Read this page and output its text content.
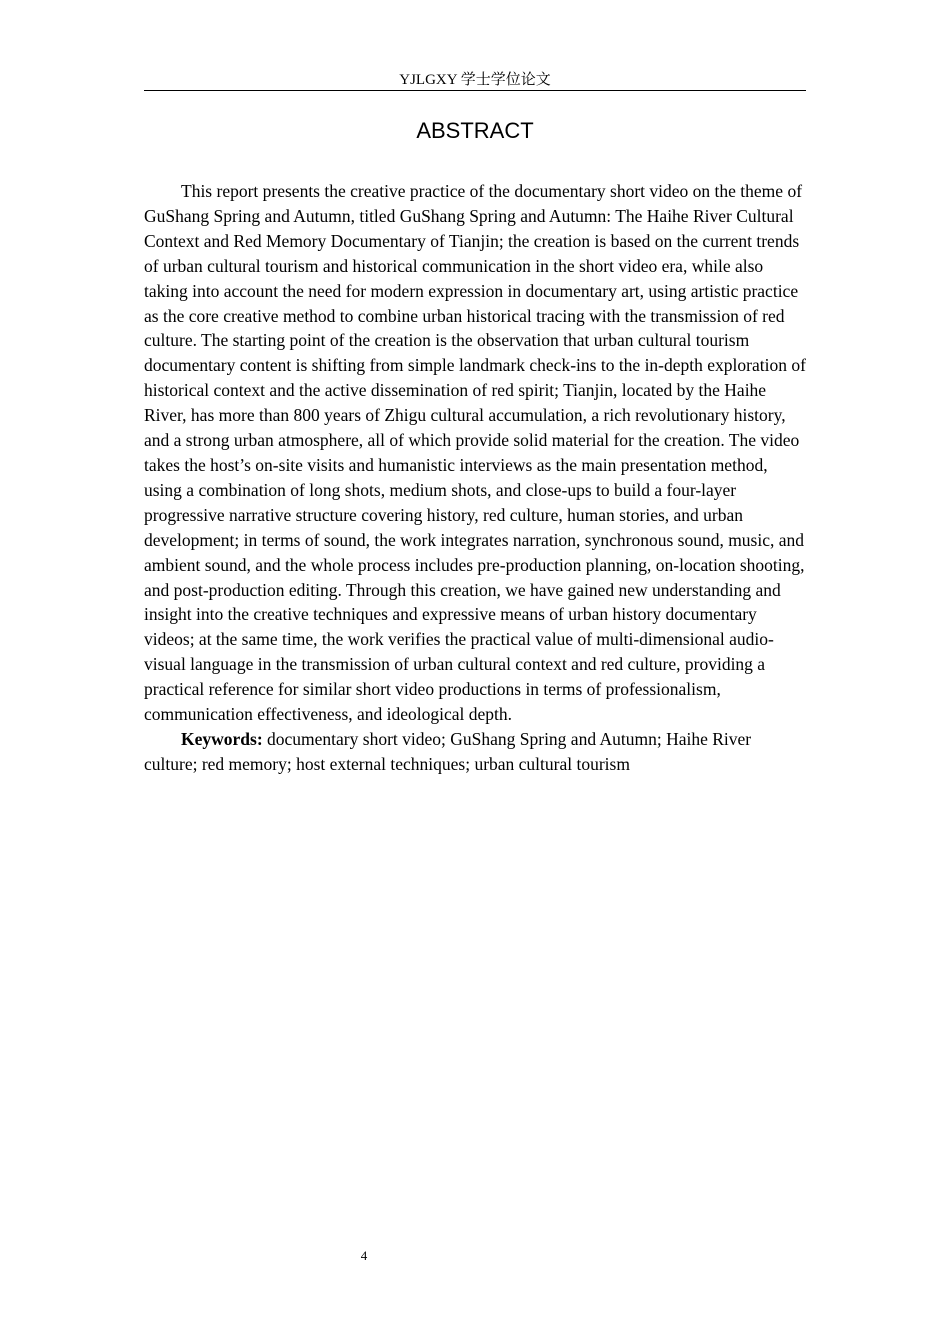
YJLGXY 学士学位论文
ABSTRACT

This report presents the creative practice of the documentary short video on the theme of GuShang Spring and Autumn, titled GuShang Spring and Autumn: The Haihe River Cultural Context and Red Memory Documentary of Tianjin; the creation is based on the current trends of urban cultural tourism and historical communication in the short video era, while also taking into account the need for modern expression in documentary art, using artistic practice as the core creative method to combine urban historical tracing with the transmission of red culture. The starting point of the creation is the observation that urban cultural tourism documentary content is shifting from simple landmark check-ins to the in-depth exploration of historical context and the active dissemination of red spirit; Tianjin, located by the Haihe River, has more than 800 years of Zhigu cultural accumulation, a rich revolutionary history, and a strong urban atmosphere, all of which provide solid material for the creation. The video takes the host’s on-site visits and humanistic interviews as the main presentation method, using a combination of long shots, medium shots, and close-ups to build a four-layer progressive narrative structure covering history, red culture, human stories, and urban development; in terms of sound, the work integrates narration, synchronous sound, music, and ambient sound, and the whole process includes pre-production planning, on-location shooting, and post-production editing. Through this creation, we have gained new understanding and insight into the creative techniques and expressive means of urban history documentary videos; at the same time, the work verifies the practical value of multi-dimensional audio-visual language in the transmission of urban cultural context and red culture, providing a practical reference for similar short video productions in terms of professionalism, communication effectiveness, and ideological depth.

Keywords: documentary short video; GuShang Spring and Autumn; Haihe River culture; red memory; host external techniques; urban cultural tourism

4
